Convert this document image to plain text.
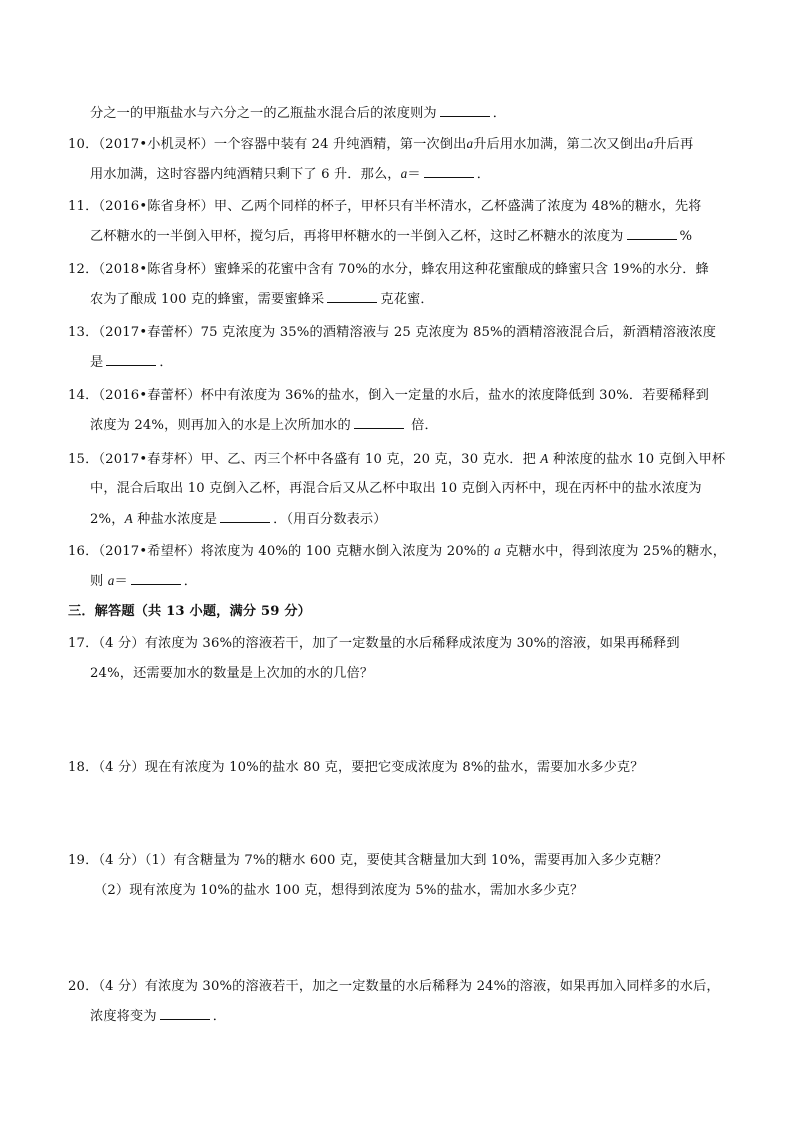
分之一的甲瓶盐水与六分之一的乙瓶盐水混合后的浓度则为	．
10．（2017•小机灵杯）一个容器中装有 24 升纯酒精，第一次倒出a升后用水加满，第二次又倒出a升后再
用水加满，这时容器内纯酒精只剩下了 6 升．那么，a＝	．
11．（2016•陈省身杯）甲、乙两个同样的杯子，甲杯只有半杯清水，乙杯盛满了浓度为 48%的糖水，先将
乙杯糖水的一半倒入甲杯，搅匀后，再将甲杯糖水的一半倒入乙杯，这时乙杯糖水的浓度为	%
12．（2018•陈省身杯）蜜蜂采的花蜜中含有 70%的水分，蜂农用这种花蜜酿成的蜂蜜只含 19%的水分．蜂
农为了酿成 100 克的蜂蜜，需要蜜蜂采	克花蜜．
13．（2017•春蕾杯）75 克浓度为 35%的酒精溶液与 25 克浓度为 85%的酒精溶液混合后，新酒精溶液浓度
是	．
14．（2016•春蕾杯）杯中有浓度为 36%的盐水，倒入一定量的水后，盐水的浓度降低到 30%．若要稀释到
浓度为 24%，则再加入的水是上次所加水的	倍．
15．（2017•春芽杯）甲、乙、丙三个杯中各盛有 10 克，20 克，30 克水．把 A 种浓度的盐水 10 克倒入甲杯
中，混合后取出 10 克倒入乙杯，再混合后又从乙杯中取出 10 克倒入丙杯中，现在丙杯中的盐水浓度为
2%，A 种盐水浓度是	．（用百分数表示）
16．（2017•希望杯）将浓度为 40%的 100 克糖水倒入浓度为 20%的 a 克糖水中，得到浓度为 25%的糖水，
则 a＝	．
三．解答题（共 13 小题，满分 59 分）
17．（4 分）有浓度为 36%的溶液若干，加了一定数量的水后稀释成浓度为 30%的溶液，如果再稀释到
24%，还需要加水的数量是上次加的水的几倍？
18．（4 分）现在有浓度为 10%的盐水 80 克，要把它变成浓度为 8%的盐水，需要加水多少克？
19．（4 分）（1）有含糖量为 7%的糖水 600 克，要使其含糖量加大到 10%，需要再加入多少克糖？
（2）现有浓度为 10%的盐水 100 克，想得到浓度为 5%的盐水，需加水多少克？
20．（4 分）有浓度为 30%的溶液若干，加之一定数量的水后稀释为 24%的溶液，如果再加入同样多的水后，
浓度将变为	．
